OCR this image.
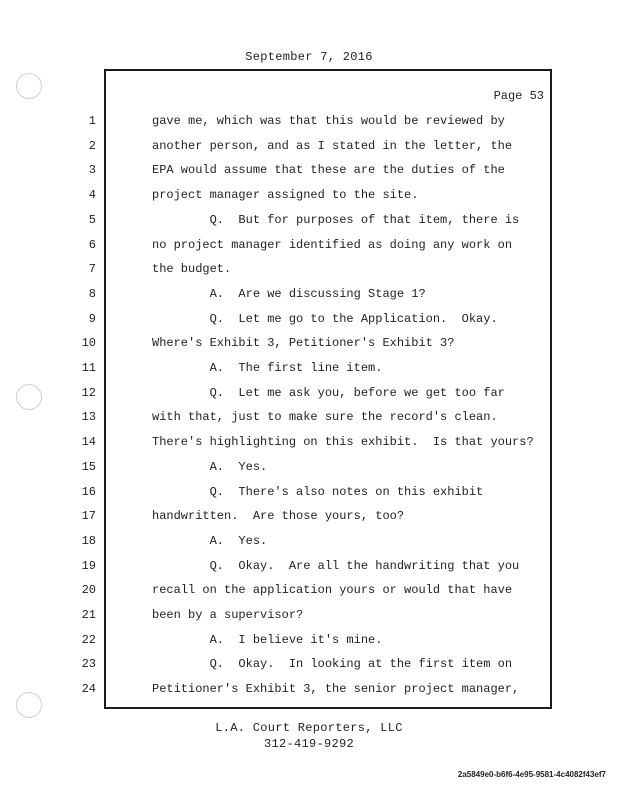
September 7, 2016
Page 53
1	gave me, which was that this would be reviewed by
2	another person, and as I stated in the letter, the
3	EPA would assume that these are the duties of the
4	project manager assigned to the site.
5	Q.  But for purposes of that item, there is
6	no project manager identified as doing any work on
7	the budget.
8	A.  Are we discussing Stage 1?
9	Q.  Let me go to the Application.  Okay.
10	Where's Exhibit 3, Petitioner's Exhibit 3?
11	A.  The first line item.
12	Q.  Let me ask you, before we get too far
13	with that, just to make sure the record's clean.
14	There's highlighting on this exhibit.  Is that yours?
15	A.  Yes.
16	Q.  There's also notes on this exhibit
17	handwritten.  Are those yours, too?
18	A.  Yes.
19	Q.  Okay.  Are all the handwriting that you
20	recall on the application yours or would that have
21	been by a supervisor?
22	A.  I believe it's mine.
23	Q.  Okay.  In looking at the first item on
24	Petitioner's Exhibit 3, the senior project manager,
L.A. Court Reporters, LLC
312-419-9292
2a5849e0-b6f6-4e95-9581-4c4082f43ef7
